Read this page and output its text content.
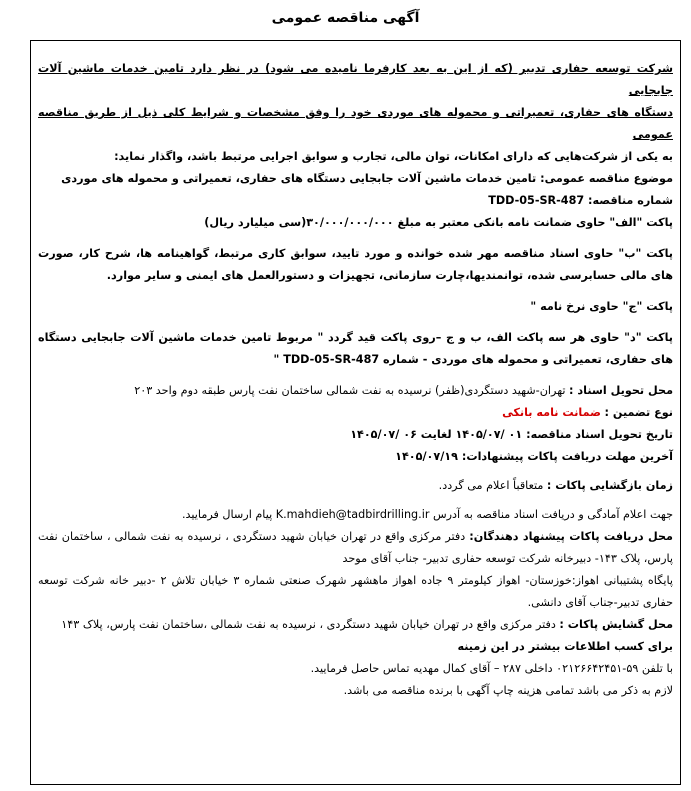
آگهی مناقصه عمومی

شرکت توسعه حفاری تدبیر (که از این به بعد کارفرما نامیده می شود) در نظر دارد تامین خدمات ماشین آلات جابجایی
دستگاه های حفاری، تعمیراتی و محموله های موردی خود را وفق مشخصات و شرایط کلی ذیل از طریق مناقصه عمومی
به یکی از شرکت‌هایی که دارای امکانات، توان مالی، تجارب و سوابق اجرایی مرتبط باشد، واگذار نماید:

موضوع مناقصه عمومی: تامین خدمات ماشین آلات جابجایی دستگاه های حفاری، تعمیراتی و محموله های موردی

شماره مناقصه: TDD-05-SR-487

پاکت "الف" حاوی ضمانت نامه بانکی معتبر به مبلغ ۳۰/۰۰۰/۰۰۰/۰۰۰(سی میلیارد ریال)

پاکت "ب" حاوی اسناد مناقصه مهر شده خوانده و مورد تایید، سوابق کاری مرتبط، گواهینامه ها، شرح کار، صورت های مالی حسابرسی شده، توانمندیها،چارت سازمانی، تجهیزات و دستورالعمل های ایمنی و سایر موارد.

پاکت "ج" حاوی نرخ نامه "

پاکت "د" حاوی هر سه پاکت الف، ب و ج –روی پاکت قید گردد " مربوط تامین خدمات ماشین آلات جابجایی دستگاه های حفاری، تعمیراتی و محموله های موردی - شماره TDD-05-SR-487 "

محل تحویل اسناد : تهران-شهید دستگردی(ظفر) نرسیده به نفت شمالی ساختمان نفت پارس طبقه دوم واحد ۲۰۳

نوع تضمین : ضمانت نامه بانکی

تاریخ تحویل اسناد مناقصه: ۰۱ /۱۴۰۵/۰۷ لغایت ۰۶ /۱۴۰۵/۰۷

آخرین مهلت دریافت پاکات پیشنهادات: ۱۴۰۵/۰۷/۱۹

زمان بازگشایی پاکات : متعاقباً اعلام می گردد.

جهت اعلام آمادگی و دریافت اسناد مناقصه به آدرس K.mahdieh@tadbirdrilling.ir پیام ارسال فرمایید.

محل دریافت پاکات پیشنهاد دهندگان: دفتر مرکزی واقع در تهران خیابان شهید دستگردی ، نرسیده به نفت شمالی ، ساختمان نفت پارس، پلاک ۱۴۳- دبیرخانه شرکت توسعه حفاری تدبیر- جناب آقای موحد

پایگاه پشتیبانی اهواز:خوزستان- اهواز کیلومتر ۹ جاده اهواز ماهشهر شهرک صنعتی شماره ۳ خیابان تلاش ۲ -دبیر خانه شرکت توسعه حفاری تدبیر-جناب آقای دانشی.

محل گشایش پاکات : دفتر مرکزی واقع در تهران خیابان شهید دستگردی ، نرسیده به نفت شمالی ،ساختمان نفت پارس، پلاک ۱۴۳

برای کسب اطلاعات بیشتر در این زمینه

با تلفن ۵۹-۰۲۱۲۶۶۴۲۴۵۱ داخلی ۲۸۷ – آقای کمال مهدیه تماس حاصل فرمایید.

لازم به ذکر می باشد تمامی هزینه چاپ آگهی با برنده مناقصه می باشد.
